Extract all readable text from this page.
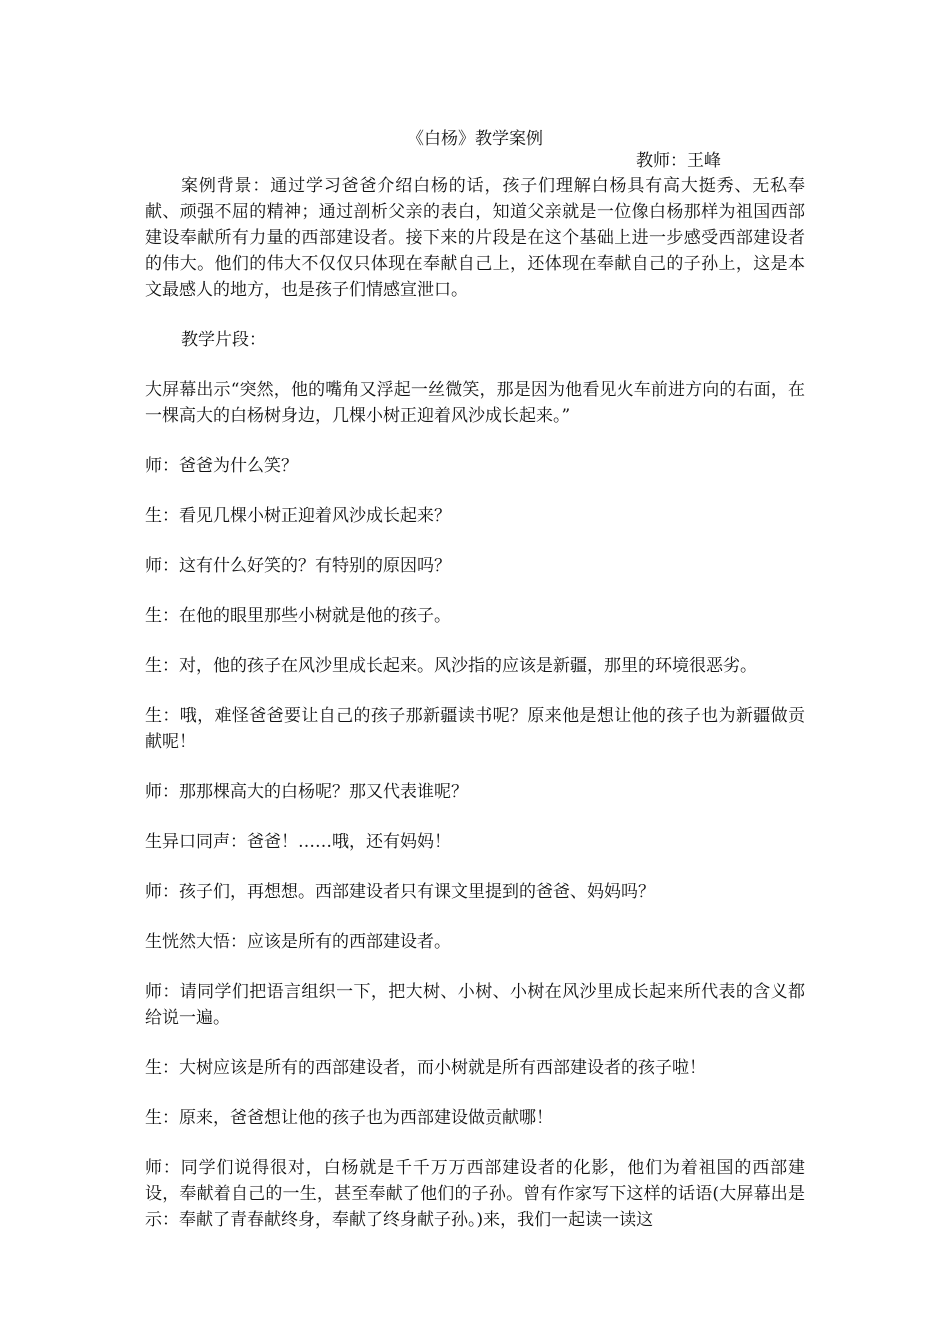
《白杨》教学案例

教师：王峰

案例背景：通过学习爸爸介绍白杨的话，孩子们理解白杨具有高大挺秀、无私奉献、顽强不屈的精神；通过剖析父亲的表白，知道父亲就是一位像白杨那样为祖国西部建设奉献所有力量的西部建设者。接下来的片段是在这个基础上进一步感受西部建设者的伟大。他们的伟大不仅仅只体现在奉献自己上，还体现在奉献自己的子孙上，这是本文最感人的地方，也是孩子们情感宣泄口。

教学片段：

大屏幕出示“突然，他的嘴角又浮起一丝微笑，那是因为他看见火车前进方向的右面，在一棵高大的白杨树身边，几棵小树正迎着风沙成长起来。”

师：爸爸为什么笑？

生：看见几棵小树正迎着风沙成长起来？

师：这有什么好笑的？有特别的原因吗？

生：在他的眼里那些小树就是他的孩子。

生：对，他的孩子在风沙里成长起来。风沙指的应该是新疆，那里的环境很恶劣。

生：哦，难怪爸爸要让自己的孩子那新疆读书呢？原来他是想让他的孩子也为新疆做贡献呢！

师：那那棵高大的白杨呢？那又代表谁呢？

生异口同声：爸爸！……哦，还有妈妈！

师：孩子们，再想想。西部建设者只有课文里提到的爸爸、妈妈吗？

生恍然大悟：应该是所有的西部建设者。

师：请同学们把语言组织一下，把大树、小树、小树在风沙里成长起来所代表的含义都给说一遍。

生：大树应该是所有的西部建设者，而小树就是所有西部建设者的孩子啦！

生：原来，爸爸想让他的孩子也为西部建设做贡献哪！

师：同学们说得很对，白杨就是千千万万西部建设者的化影，他们为着祖国的西部建设，奉献着自己的一生，甚至奉献了他们的子孙。曾有作家写下这样的话语(大屏幕出是示：奉献了青春献终身，奉献了终身献子孙。)来，我们一起读一读这
